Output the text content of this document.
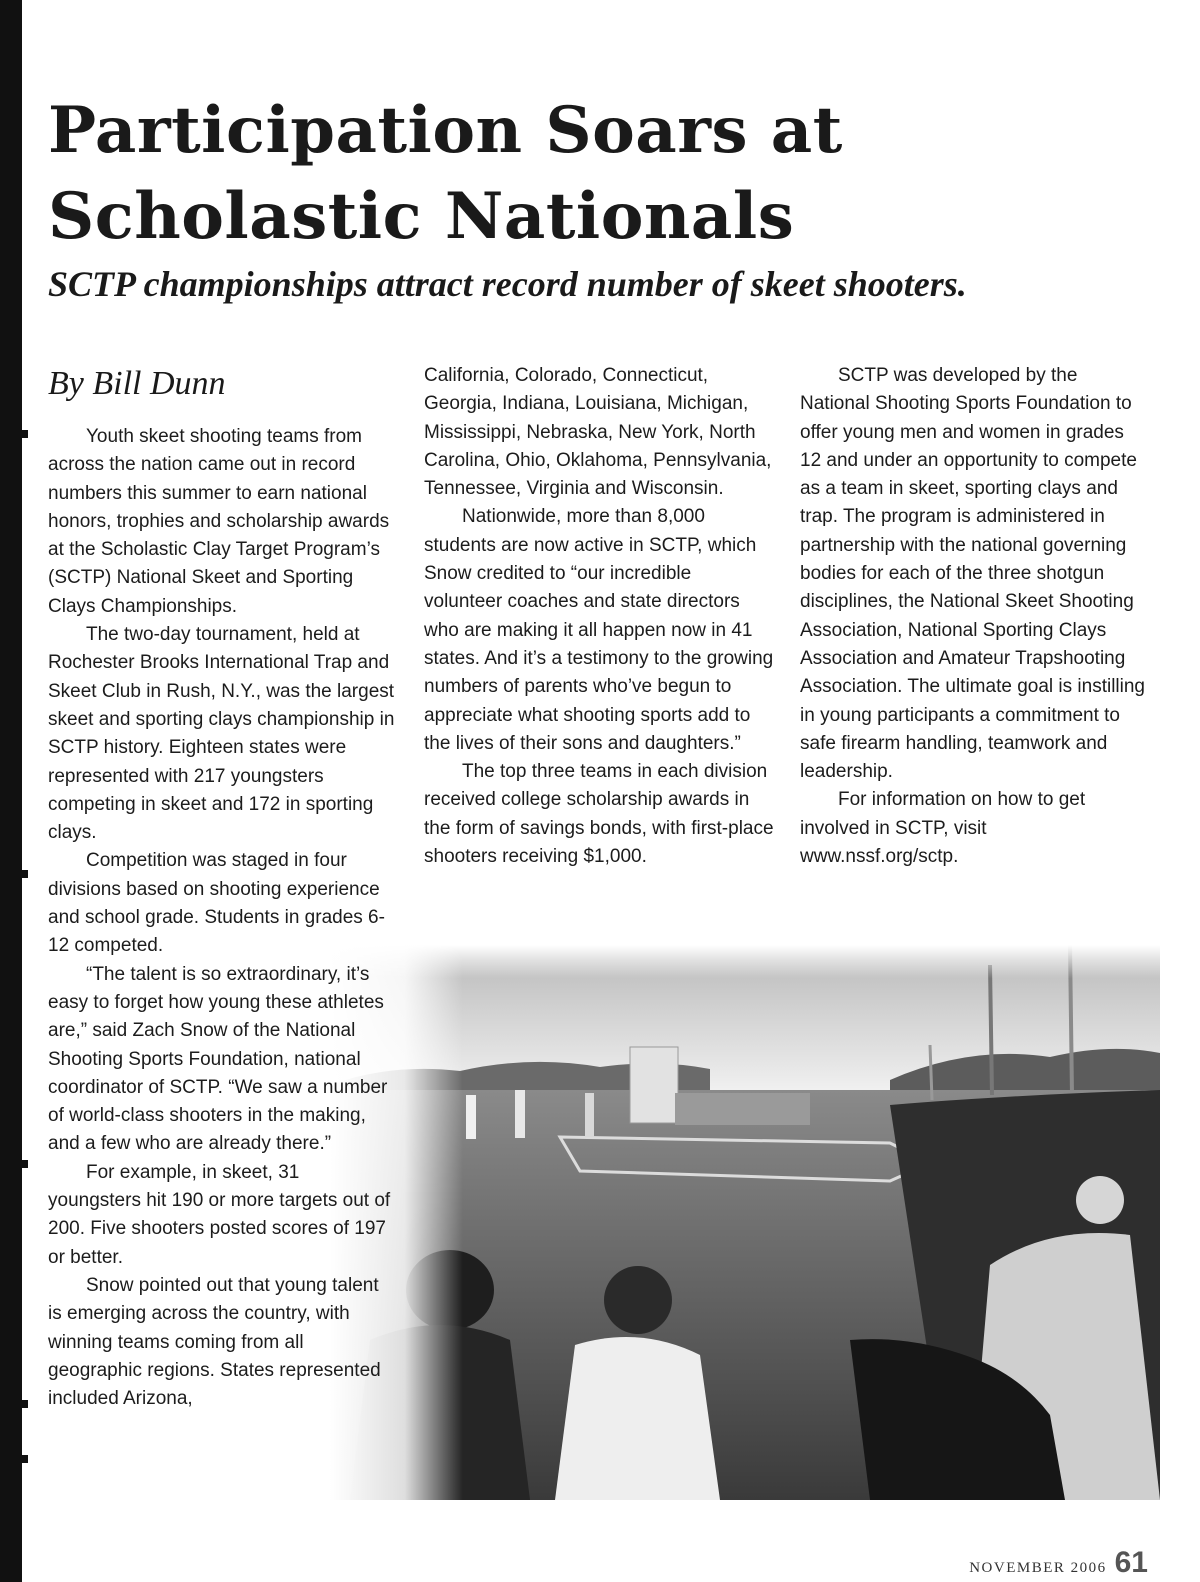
Participation Soars at
Scholastic Nationals

SCTP championships attract record number of skeet shooters.

By Bill Dunn

Youth skeet shooting teams from across the nation came out in record numbers this summer to earn national honors, trophies and scholarship awards at the Scholastic Clay Target Program’s (SCTP) National Skeet and Sporting Clays Championships.

The two-day tournament, held at Rochester Brooks International Trap and Skeet Club in Rush, N.Y., was the largest skeet and sporting clays championship in SCTP history. Eighteen states were represented with 217 youngsters competing in skeet and 172 in sporting clays.

Competition was staged in four divisions based on shooting experience and school grade. Students in grades 6-12 competed.

“The talent is so extraordinary, it’s easy to forget how young these athletes are,” said Zach Snow of the National Shooting Sports Foundation, national coordinator of SCTP. “We saw a number of world-class shooters in the making, and a few who are already there.”

For example, in skeet, 31 youngsters hit 190 or more targets out of 200. Five shooters posted scores of 197 or better.

Snow pointed out that young talent is emerging across the country, with winning teams coming from all geographic regions. States represented included Arizona,

California, Colorado, Connecticut, Georgia, Indiana, Louisiana, Michigan, Mississippi, Nebraska, New York, North Carolina, Ohio, Oklahoma, Pennsylvania, Tennessee, Virginia and Wisconsin.

Nationwide, more than 8,000 students are now active in SCTP, which Snow credited to “our incredible volunteer coaches and state directors who are making it all happen now in 41 states. And it’s a testimony to the growing numbers of parents who’ve begun to appreciate what shooting sports add to the lives of their sons and daughters.”

The top three teams in each division received college scholarship awards in the form of savings bonds, with first-place shooters receiving $1,000.

SCTP was developed by the National Shooting Sports Foundation to offer young men and women in grades 12 and under an opportunity to compete as a team in skeet, sporting clays and trap. The program is administered in partnership with the national governing bodies for each of the three shotgun disciplines, the National Skeet Shooting Association, National Sporting Clays Association and Amateur Trapshooting Association. The ultimate goal is instilling in young participants a commitment to safe firearm handling, teamwork and leadership.

For information on how to get involved in SCTP, visit www.nssf.org/sctp.

NOVEMBER 2006 61
